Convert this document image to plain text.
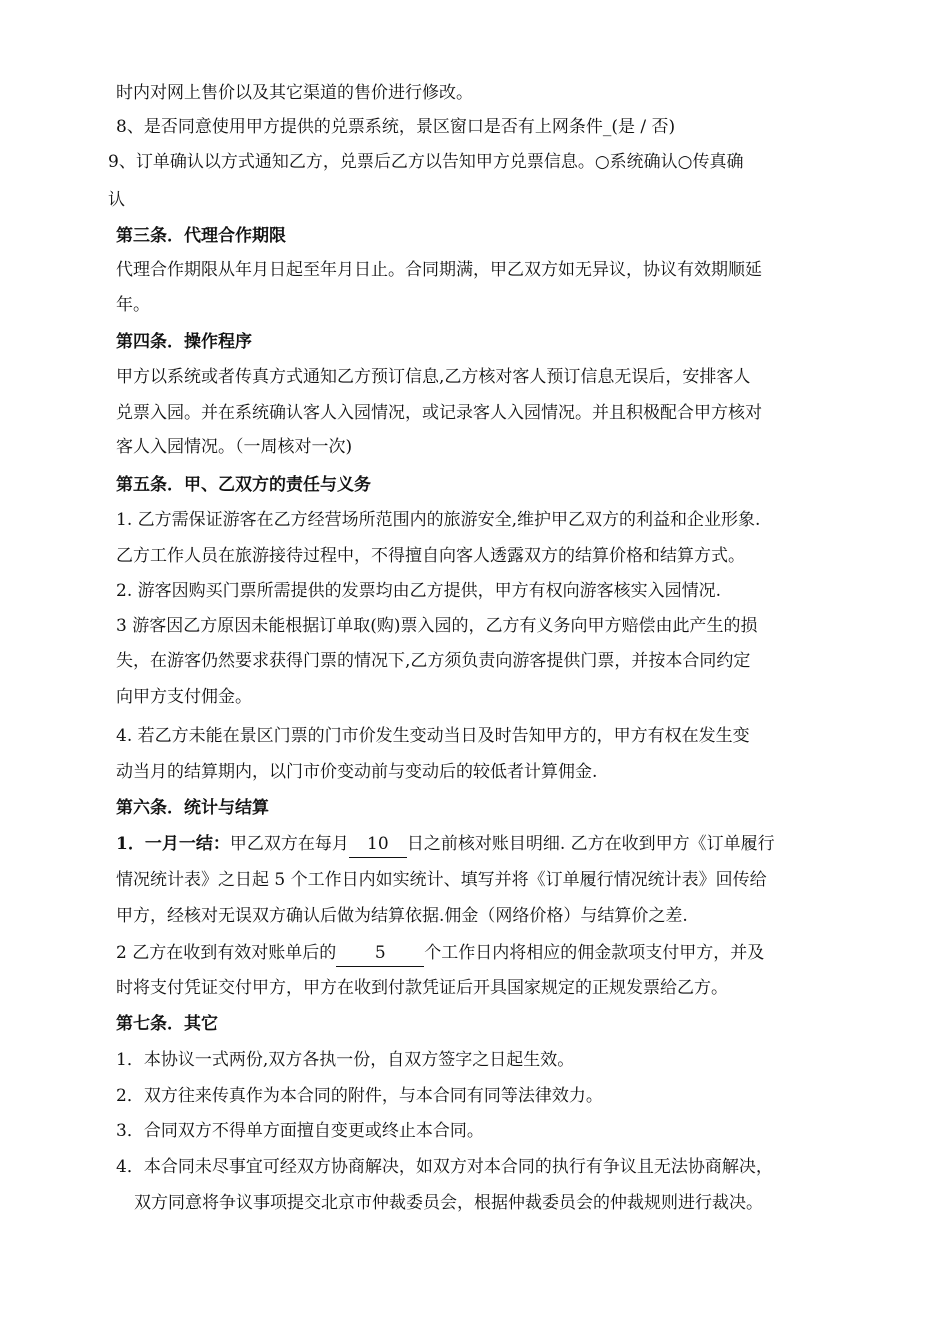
时内对网上售价以及其它渠道的售价进行修改。
8、是否同意使用甲方提供的兑票系统，景区窗口是否有上网条件_(是 / 否)
9、订单确认以方式通知乙方，兑票后乙方以告知甲方兑票信息。○系统确认○传真确
认
第三条．代理合作期限
代理合作期限从年月日起至年月日止。合同期满，甲乙双方如无异议，协议有效期顺延
年。
第四条．操作程序
甲方以系统或者传真方式通知乙方预订信息,乙方核对客人预订信息无误后，安排客人
兑票入园。并在系统确认客人入园情况，或记录客人入园情况。并且积极配合甲方核对
客人入园情况。（一周核对一次)
第五条．甲、乙双方的责任与义务
1. 乙方需保证游客在乙方经营场所范围内的旅游安全,维护甲乙双方的利益和企业形象.
乙方工作人员在旅游接待过程中，不得擅自向客人透露双方的结算价格和结算方式。
2. 游客因购买门票所需提供的发票均由乙方提供，甲方有权向游客核实入园情况.
3 游客因乙方原因未能根据订单取(购)票入园的，乙方有义务向甲方赔偿由此产生的损
失，在游客仍然要求获得门票的情况下,乙方须负责向游客提供门票，并按本合同约定
向甲方支付佣金。
4. 若乙方未能在景区门票的门市价发生变动当日及时告知甲方的，甲方有权在发生变
动当月的结算期内，以门市价变动前与变动后的较低者计算佣金.
第六条．统计与结算
1．一月一结：甲乙双方在每月 10 日之前核对账目明细. 乙方在收到甲方《订单履行
情况统计表》之日起 5 个工作日内如实统计、填写并将《订单履行情况统计表》回传给
甲方，经核对无误双方确认后做为结算依据.佣金（网络价格）与结算价之差.
2 乙方在收到有效对账单后的 5 个工作日内将相应的佣金款项支付甲方，并及
时将支付凭证交付甲方，甲方在收到付款凭证后开具国家规定的正规发票给乙方。
第七条．其它
1．本协议一式两份,双方各执一份，自双方签字之日起生效。
2．双方往来传真作为本合同的附件，与本合同有同等法律效力。
3．合同双方不得单方面擅自变更或终止本合同。
4．本合同未尽事宜可经双方协商解决，如双方对本合同的执行有争议且无法协商解决，
双方同意将争议事项提交北京市仲裁委员会，根据仲裁委员会的仲裁规则进行裁决。
